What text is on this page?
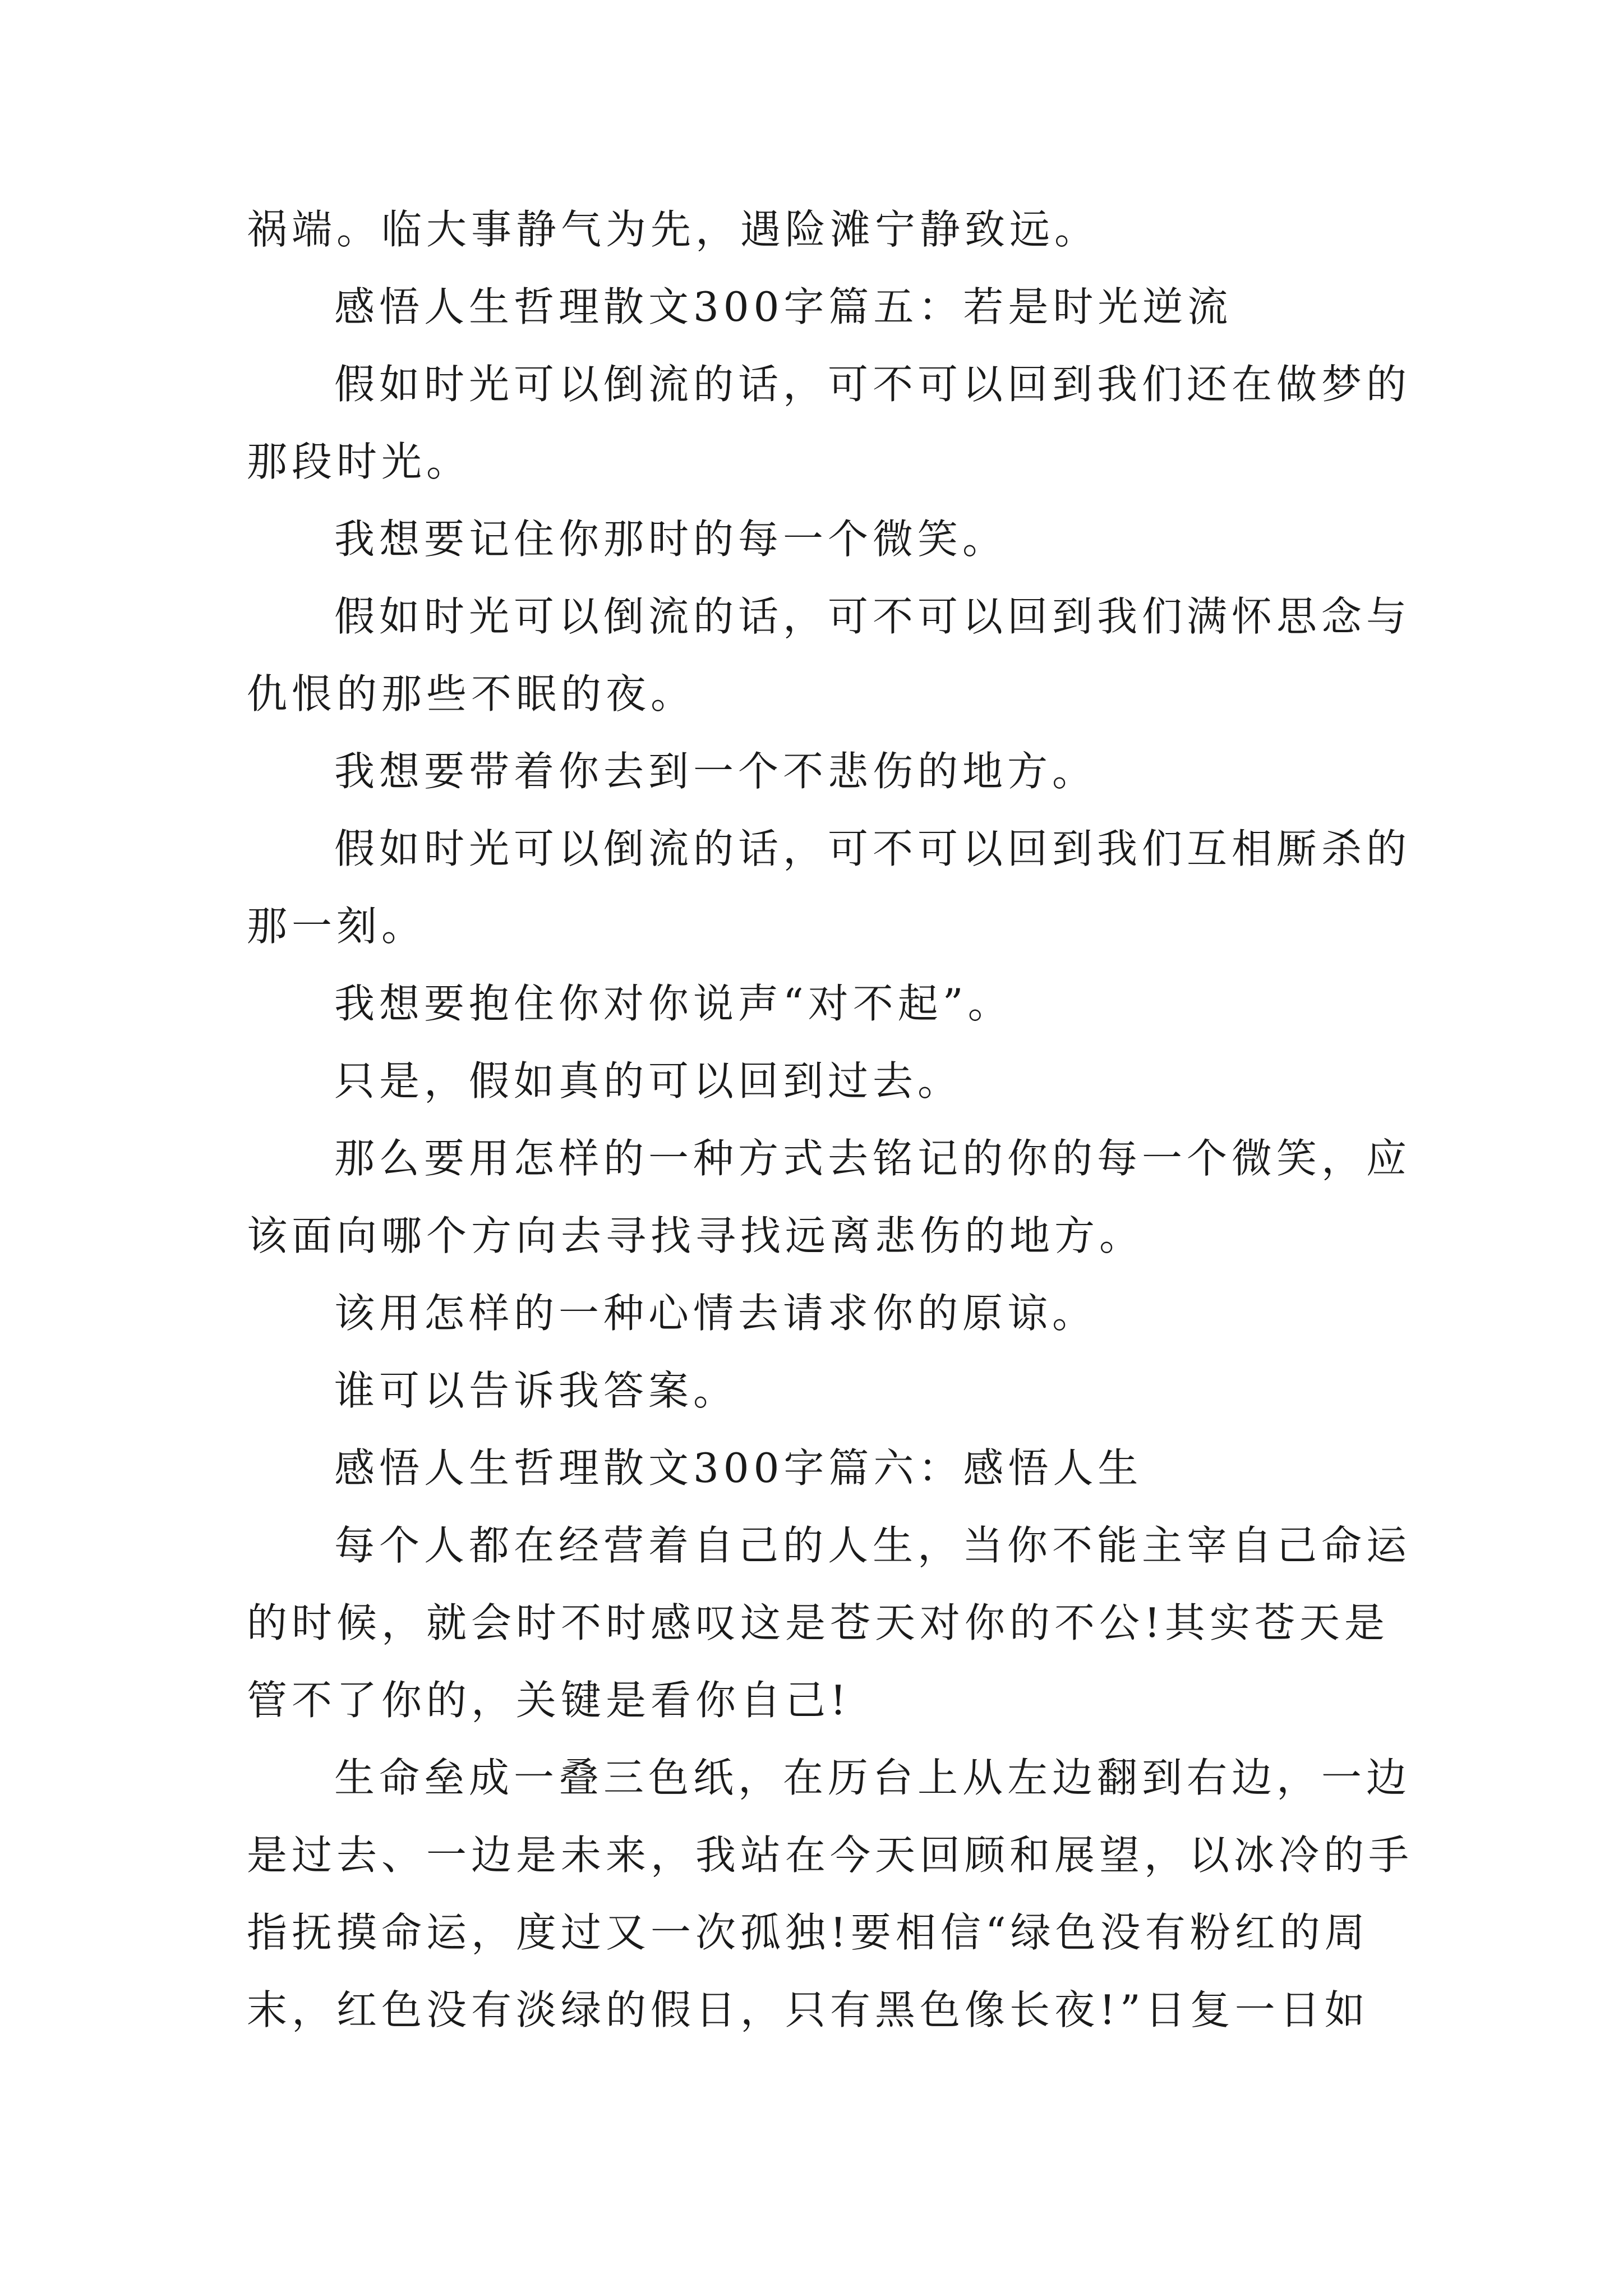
祸端。临大事静气为先，遇险滩宁静致远。
感悟人生哲理散文300字篇五：若是时光逆流
假如时光可以倒流的话，可不可以回到我们还在做梦的
那段时光。
我想要记住你那时的每一个微笑。
假如时光可以倒流的话，可不可以回到我们满怀思念与
仇恨的那些不眠的夜。
我想要带着你去到一个不悲伤的地方。
假如时光可以倒流的话，可不可以回到我们互相厮杀的
那一刻。
我想要抱住你对你说声“对不起”。
只是，假如真的可以回到过去。
那么要用怎样的一种方式去铭记的你的每一个微笑，应
该面向哪个方向去寻找寻找远离悲伤的地方。
该用怎样的一种心情去请求你的原谅。
谁可以告诉我答案。
感悟人生哲理散文300字篇六：感悟人生
每个人都在经营着自己的人生，当你不能主宰自己命运
的时候，就会时不时感叹这是苍天对你的不公!其实苍天是
管不了你的，关键是看你自己!
生命垒成一叠三色纸，在历台上从左边翻到右边，一边
是过去、一边是未来，我站在今天回顾和展望，以冰冷的手
指抚摸命运，度过又一次孤独!要相信“绿色没有粉红的周
末，红色没有淡绿的假日，只有黑色像长夜!”日复一日如
